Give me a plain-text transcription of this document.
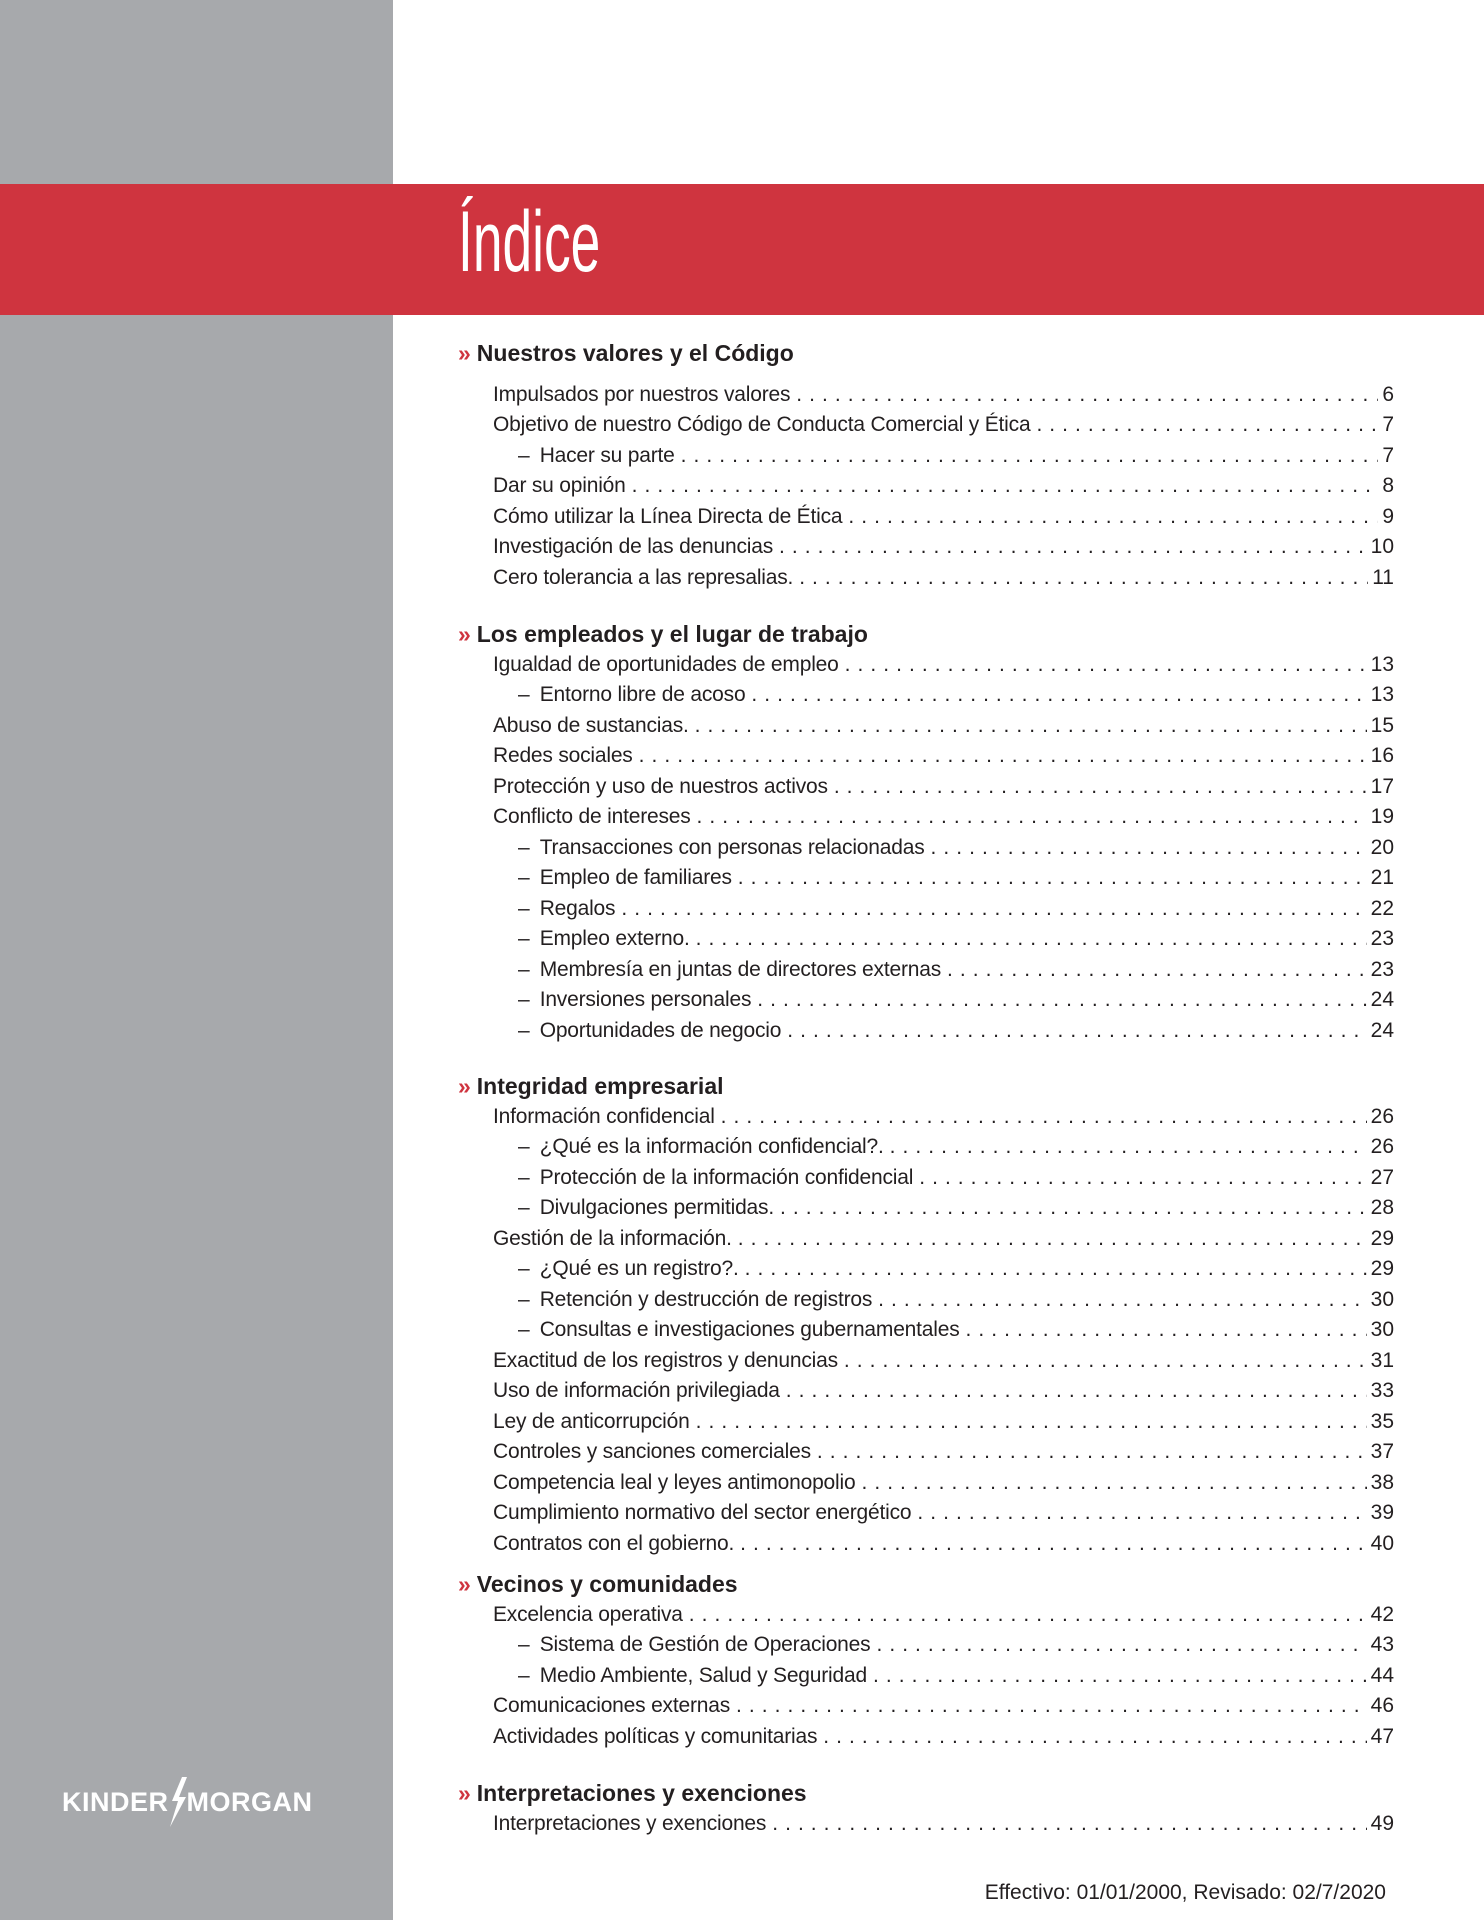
Índice
KINDER MORGAN
» Nuestros valores y el Código
Impulsados por nuestros valores . . .	6
Objetivo de nuestro Código de Conducta Comercial y Ética . . .	7
– Hacer su parte . . .	7
Dar su opinión . . .	8
Cómo utilizar la Línea Directa de Ética . . .	9
Investigación de las denuncias . . .	10
Cero tolerancia a las represalias. . . .	11
» Los empleados y el lugar de trabajo
Igualdad de oportunidades de empleo . . .	13
– Entorno libre de acoso . . .	13
Abuso de sustancias. . . .	15
Redes sociales . . .	16
Protección y uso de nuestros activos . . .	17
Conflicto de intereses . . .	19
– Transacciones con personas relacionadas . . .	20
– Empleo de familiares . . .	21
– Regalos . . .	22
– Empleo externo. . . .	23
– Membresía en juntas de directores externas . . .	23
– Inversiones personales . . .	24
– Oportunidades de negocio . . .	24
» Integridad empresarial
Información confidencial . . .	26
– ¿Qué es la información confidencial?. . . .	26
– Protección de la información confidencial . . .	27
– Divulgaciones permitidas. . . .	28
Gestión de la información. . . .	29
– ¿Qué es un registro?. . . .	29
– Retención y destrucción de registros . . .	30
– Consultas e investigaciones gubernamentales . . .	30
Exactitud de los registros y denuncias . . .	31
Uso de información privilegiada . . .	33
Ley de anticorrupción . . .	35
Controles y sanciones comerciales . . .	37
Competencia leal y leyes antimonopolio . . .	38
Cumplimiento normativo del sector energético . . .	39
Contratos con el gobierno. . . .	40
» Vecinos y comunidades
Excelencia operativa . . .	42
– Sistema de Gestión de Operaciones . . .	43
– Medio Ambiente, Salud y Seguridad . . .	44
Comunicaciones externas . . .	46
Actividades políticas y comunitarias . . .	47
» Interpretaciones y exenciones
Interpretaciones y exenciones . . .	49
Effectivo: 01/01/2000, Revisado: 02/7/2020
